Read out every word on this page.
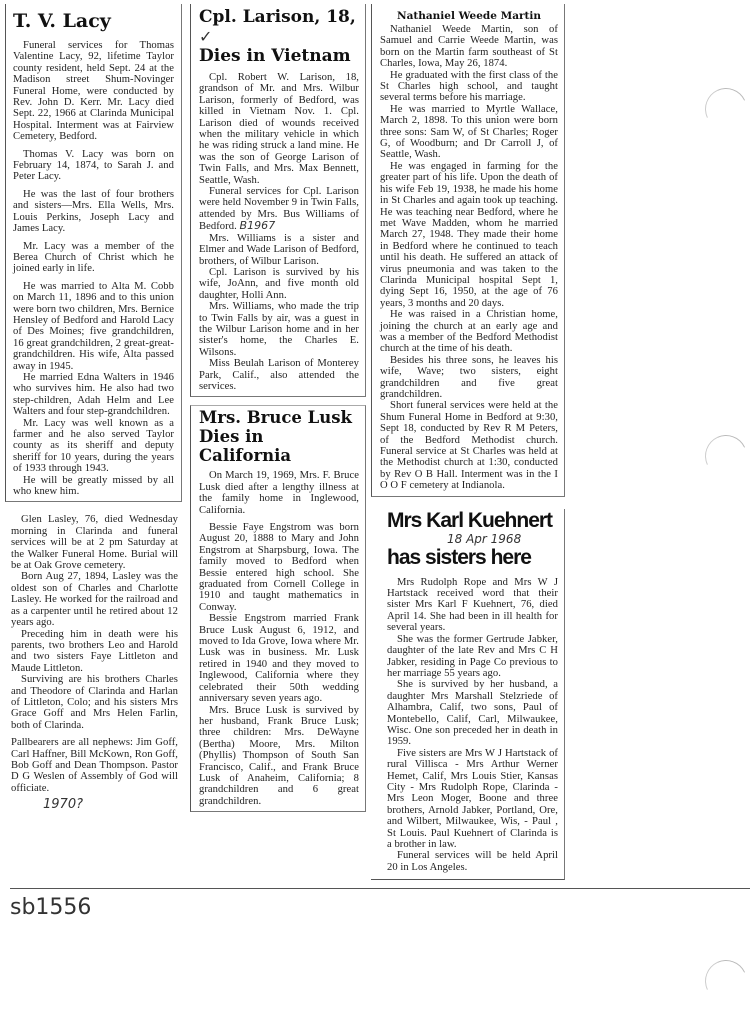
T. V. Lacy

Funeral services for Thomas Valentine Lacy, 92, lifetime Taylor county resident, held Sept. 24 at the Madison street Shum-Novinger Funeral Home, were conducted by Rev. John D. Kerr. Mr. Lacy died Sept. 22, 1966 at Clarinda Municipal Hospital. Interment was at Fairview Cemetery, Bedford.

Thomas V. Lacy was born on February 14, 1874, to Sarah J. and Peter Lacy.

He was the last of four brothers and sisters—Mrs. Ella Wells, Mrs. Louis Perkins, Joseph Lacy and James Lacy.

Mr. Lacy was a member of the Berea Church of Christ which he joined early in life.

He was married to Alta M. Cobb on March 11, 1896 and to this union were born two children, Mrs. Bernice Hensley of Bedford and Harold Lacy of Des Moines; five grandchildren, 16 great grandchildren, 2 great-great-grandchildren. His wife, Alta passed away in 1945.

He married Edna Walters in 1946 who survives him. He also had two step-children, Adah Helm and Lee Walters and four step-grandchildren.

Mr. Lacy was well known as a farmer and he also served Taylor county as its sheriff and deputy sheriff for 10 years, during the years of 1933 through 1943.

He will be greatly missed by all who knew him.

Glen Lasley, 76, died Wednesday morning in Clarinda and funeral services will be at 2 pm Saturday at the Walker Funeral Home. Burial will be at Oak Grove cemetery.

Born Aug 27, 1894, Lasley was the oldest son of Charles and Charlotte Lasley. He worked for the railroad and as a carpenter until he retired about 12 years ago.

Preceding him in death were his parents, two brothers Leo and Harold and two sisters Faye Littleton and Maude Littleton.

Surviving are his brothers Charles and Theodore of Clarinda and Harlan of Littleton, Colo; and his sisters Mrs Grace Goff and Mrs Helen Farlin, both of Clarinda.

Pallbearers are all nephews: Jim Goff, Carl Haffner, Bill McKown, Ron Goff, Bob Goff and Dean Thompson. Pastor D G Weslen of Assembly of God will officiate.

1970?
Cpl. Larison, 18, ✓
Dies in Vietnam

Cpl. Robert W. Larison, 18, grandson of Mr. and Mrs. Wilbur Larison, formerly of Bedford, was killed in Vietnam Nov. 1. Cpl. Larison died of wounds received when the military vehicle in which he was riding struck a land mine. He was the son of George Larison of Twin Falls, and Mrs. Max Bennett, Seattle, Wash.

Funeral services for Cpl. Larison were held November 9 in Twin Falls, attended by Mrs. Bus Williams of Bedford. B1967

Mrs. Williams is a sister and Elmer and Wade Larison of Bedford, brothers, of Wilbur Larison.

Cpl. Larison is survived by his wife, JoAnn, and five month old daughter, Holli Ann.

Mrs. Williams, who made the trip to Twin Falls by air, was a guest in the Wilbur Larison home and in her sister's home, the Charles E. Wilsons.

Miss Beulah Larison of Monterey Park, Calif., also attended the services.

Mrs. Bruce Lusk
Dies in California

On March 19, 1969, Mrs. F. Bruce Lusk died after a lengthy illness at the family home in Inglewood, California.

Bessie Faye Engstrom was born August 20, 1888 to Mary and John Engstrom at Sharpsburg, Iowa. The family moved to Bedford when Bessie entered high school. She graduated from Cornell College in 1910 and taught mathematics in Conway.

Bessie Engstrom married Frank Bruce Lusk August 6, 1912, and moved to Ida Grove, Iowa where Mr. Lusk was in business. Mr. Lusk retired in 1940 and they moved to Inglewood, California where they celebrated their 50th wedding anniversary seven years ago.

Mrs. Bruce Lusk is survived by her husband, Frank Bruce Lusk; three children: Mrs. DeWayne (Bertha) Moore, Mrs. Milton (Phyllis) Thompson of South San Francisco, Calif., and Frank Bruce Lusk of Anaheim, California; 8 grandchildren and 6 great grandchildren.

Nathaniel Weede Martin

Nathaniel Weede Martin, son of Samuel and Carrie Weede Martin, was born on the Martin farm southeast of St Charles, Iowa, May 26, 1874.

He graduated with the first class of the St Charles high school, and taught several terms before his marriage.

He was married to Myrtle Wallace, March 2, 1898. To this union were born three sons: Sam W, of St Charles; Roger G, of Woodburn; and Dr Carroll J, of Seattle, Wash.

He was engaged in farming for the greater part of his life. Upon the death of his wife Feb 19, 1938, he made his home in St Charles and again took up teaching. He was teaching near Bedford, where he met Wave Madden, whom he married March 27, 1948. They made their home in Bedford where he continued to teach until his death. He suffered an attack of virus pneumonia and was taken to the Clarinda Municipal hospital Sept 1, dying Sept 16, 1950, at the age of 76 years, 3 months and 20 days.

He was raised in a Christian home, joining the church at an early age and was a member of the Bedford Methodist church at the time of his death.

Besides his three sons, he leaves his wife, Wave; two sisters, eight grandchildren and five great grandchildren.

Short funeral services were held at the Shum Funeral Home in Bedford at 9:30, Sept 18, conducted by Rev R M Peters, of the Bedford Methodist church. Funeral service at St Charles was held at the Methodist church at 1:30, conducted by Rev O B Hall. Interment was in the I O O F cemetery at Indianola.

Mrs Karl Kuehnert

18 Apr 1968
has sisters here

Mrs Rudolph Rope and Mrs W J Hartstack received word that their sister Mrs Karl F Kuehnert, 76, died April 14. She had been in ill health for several years.

She was the former Gertrude Jabker, daughter of the late Rev and Mrs C H Jabker, residing in Page Co previous to her marriage 55 years ago.

She is survived by her husband, a daughter Mrs Marshall Stelzriede of Alhambra, Calif, two sons, Paul of Montebello, Calif, Carl, Milwaukee, Wisc. One son preceded her in death in 1959.

Five sisters are Mrs W J Hartstack of rural Villisca - Mrs Arthur Werner Hemet, Calif, Mrs Louis Stier, Kansas City - Mrs Rudolph Rope, Clarinda - Mrs Leon Moger, Boone and three brothers, Arnold Jabker, Portland, Ore, and Wilbert, Milwaukee, Wis, - Paul , St Louis. Paul Kuehnert of Clarinda is a brother in law.

Funeral services will be held April 20 in Los Angeles.

sb1556
